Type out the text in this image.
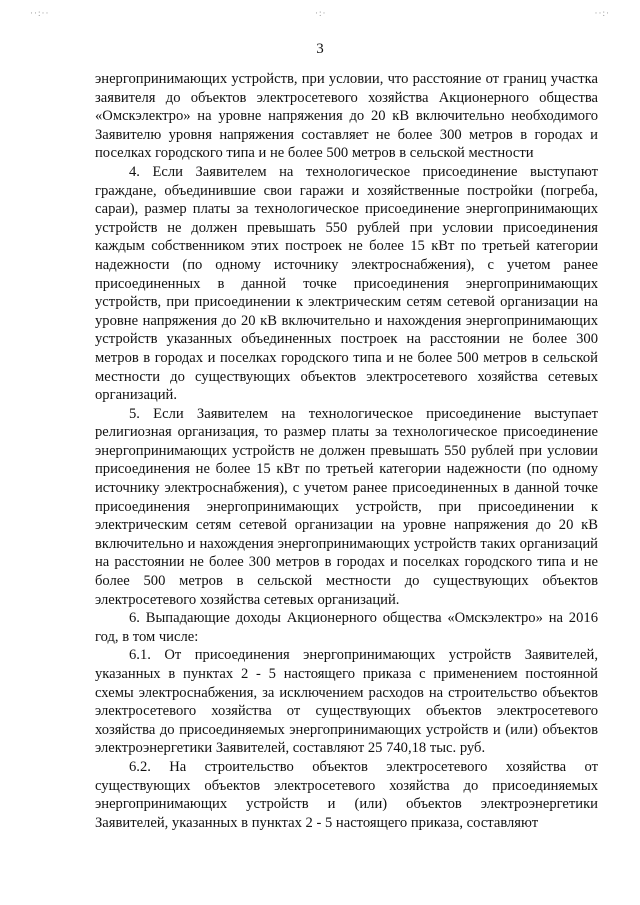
··:··	·:·	··:·
3

энергопринимающих устройств, при условии, что расстояние от границ участка заявителя до объектов электросетевого хозяйства Акционерного общества «Омскэлектро» на уровне напряжения до 20 кВ включительно необходимого Заявителю уровня напряжения составляет не более 300 метров в городах и поселках городского типа и не более 500 метров в сельской местности

4. Если Заявителем на технологическое присоединение выступают граждане, объединившие свои гаражи и хозяйственные постройки (погреба, сараи), размер платы за технологическое присоединение энергопринимающих устройств не должен превышать 550 рублей при условии присоединения каждым собственником этих построек не более 15 кВт по третьей категории надежности (по одному источнику электроснабжения), с учетом ранее присоединенных в данной точке присоединения энергопринимающих устройств, при присоединении к электрическим сетям сетевой организации на уровне напряжения до 20 кВ включительно и нахождения энергопринимающих устройств указанных объединенных построек на расстоянии не более 300 метров в городах и поселках городского типа и не более 500 метров в сельской местности до существующих объектов электросетевого хозяйства сетевых организаций.

5. Если Заявителем на технологическое присоединение выступает религиозная организация, то размер платы за технологическое присоединение энергопринимающих устройств не должен превышать 550 рублей при условии присоединения не более 15 кВт по третьей категории надежности (по одному источнику электроснабжения), с учетом ранее присоединенных в данной точке присоединения энергопринимающих устройств, при присоединении к электрическим сетям сетевой организации на уровне напряжения до 20 кВ включительно и нахождения энергопринимающих устройств таких организаций на расстоянии не более 300 метров в городах и поселках городского типа и не более 500 метров в сельской местности до существующих объектов электросетевого хозяйства сетевых организаций.

6. Выпадающие доходы Акционерного общества «Омскэлектро» на 2016 год, в том числе:

6.1. От присоединения энергопринимающих устройств Заявителей, указанных в пунктах 2 - 5 настоящего приказа с применением постоянной схемы электроснабжения, за исключением расходов на строительство объектов электросетевого хозяйства от существующих объектов электросетевого хозяйства до присоединяемых энергопринимающих устройств и (или) объектов электроэнергетики Заявителей, составляют 25 740,18 тыс. руб.

6.2. На строительство объектов электросетевого хозяйства от существующих объектов электросетевого хозяйства до присоединяемых энергопринимающих устройств и (или) объектов электроэнергетики Заявителей, указанных в пунктах 2 - 5 настоящего приказа, составляют
